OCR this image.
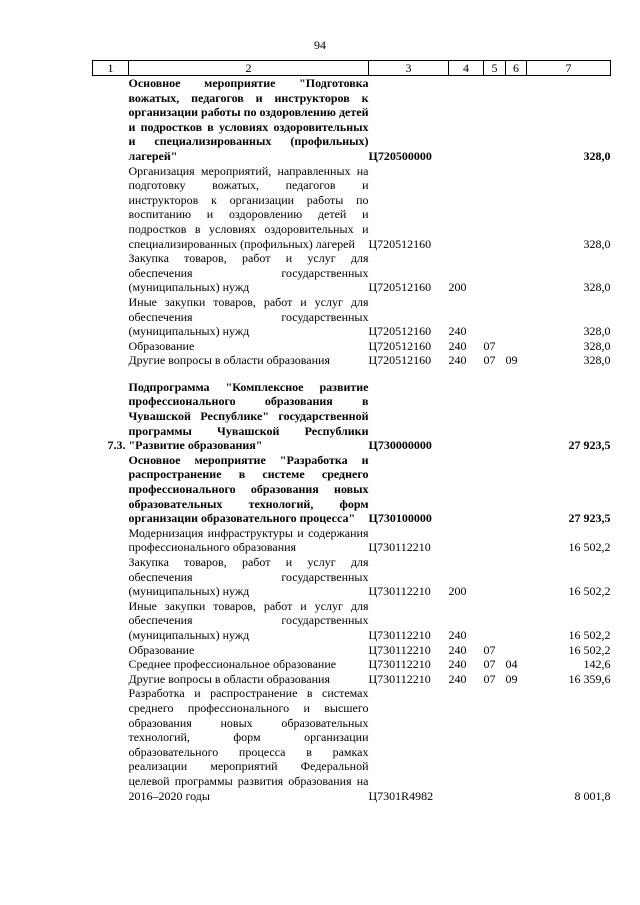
94
1	2	3	4	5	6	7
	Основное мероприятие "Подготовка вожатых, педагогов и инструкторов к организации работы по оздоровлению детей и подростков в условиях оздоровительных и специализированных (профильных) лагерей"	Ц720500000				328,0
	Организация мероприятий, направленных на подготовку вожатых, педагогов и инструкторов к организации работы по воспитанию и оздоровлению детей и подростков в условиях оздоровительных и специализированных (профильных) лагерей	Ц720512160				328,0
	Закупка товаров, работ и услуг для обеспечения государственных (муниципальных) нужд	Ц720512160	200			328,0
	Иные закупки товаров, работ и услуг для обеспечения государственных (муниципальных) нужд	Ц720512160	240			328,0
	Образование	Ц720512160	240	07		328,0
	Другие вопросы в области образования	Ц720512160	240	07	09	328,0

7.3.	Подпрограмма "Комплексное развитие профессионального образования в Чувашской Республике" государственной программы Чувашской Республики "Развитие образования"	Ц730000000				27 923,5
	Основное мероприятие "Разработка и распространение в системе среднего профессионального образования новых образовательных технологий, форм организации образовательного процесса"	Ц730100000				27 923,5
	Модернизация инфраструктуры и содержания профессионального образования	Ц730112210				16 502,2
	Закупка товаров, работ и услуг для обеспечения государственных (муниципальных) нужд	Ц730112210	200			16 502,2
	Иные закупки товаров, работ и услуг для обеспечения государственных (муниципальных) нужд	Ц730112210	240			16 502,2
	Образование	Ц730112210	240	07		16 502,2
	Среднее профессиональное образование	Ц730112210	240	07	04	142,6
	Другие вопросы в области образования	Ц730112210	240	07	09	16 359,6
	Разработка и распространение в системах среднего профессионального и высшего образования новых образовательных технологий, форм организации образовательного процесса в рамках реализации мероприятий Федеральной целевой программы развития образования на 2016–2020 годы	Ц7301R4982				8 001,8
